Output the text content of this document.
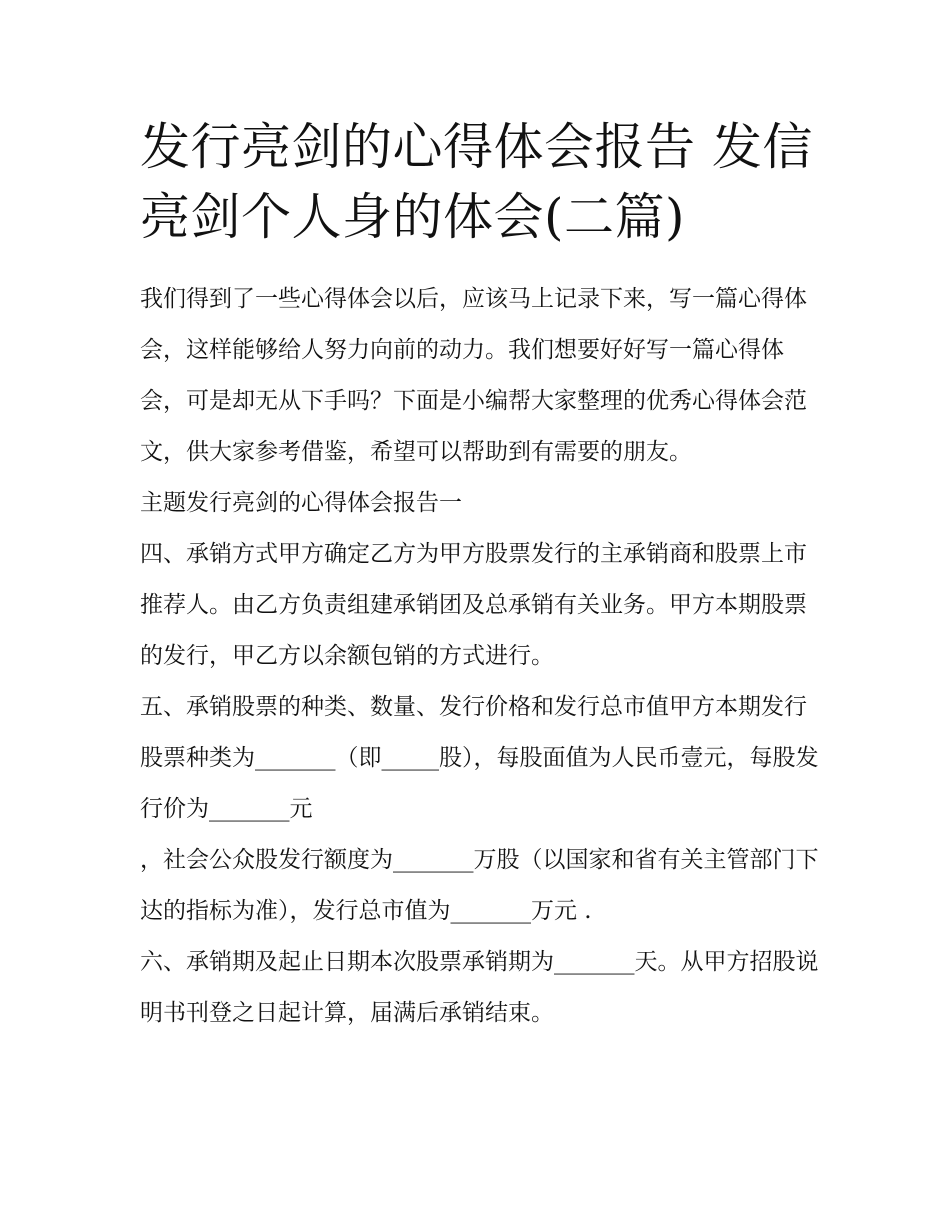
发行亮剑的心得体会报告 发信亮剑个人身的体会(二篇)

我们得到了一些心得体会以后，应该马上记录下来，写一篇心得体会，这样能够给人努力向前的动力。我们想要好好写一篇心得体会，可是却无从下手吗？下面是小编帮大家整理的优秀心得体会范文，供大家参考借鉴，希望可以帮助到有需要的朋友。

主题发行亮剑的心得体会报告一

四、承销方式甲方确定乙方为甲方股票发行的主承销商和股票上市推荐人。由乙方负责组建承销团及总承销有关业务。甲方本期股票的发行，甲乙方以余额包销的方式进行。

五、承销股票的种类、数量、发行价格和发行总市值甲方本期发行股票种类为_______（即_____股），每股面值为人民币壹元，每股发行价为_______元

，社会公众股发行额度为_______万股（以国家和省有关主管部门下达的指标为准），发行总市值为_______万元 .

六、承销期及起止日期本次股票承销期为_______天。从甲方招股说明书刊登之日起计算，届满后承销结束。
